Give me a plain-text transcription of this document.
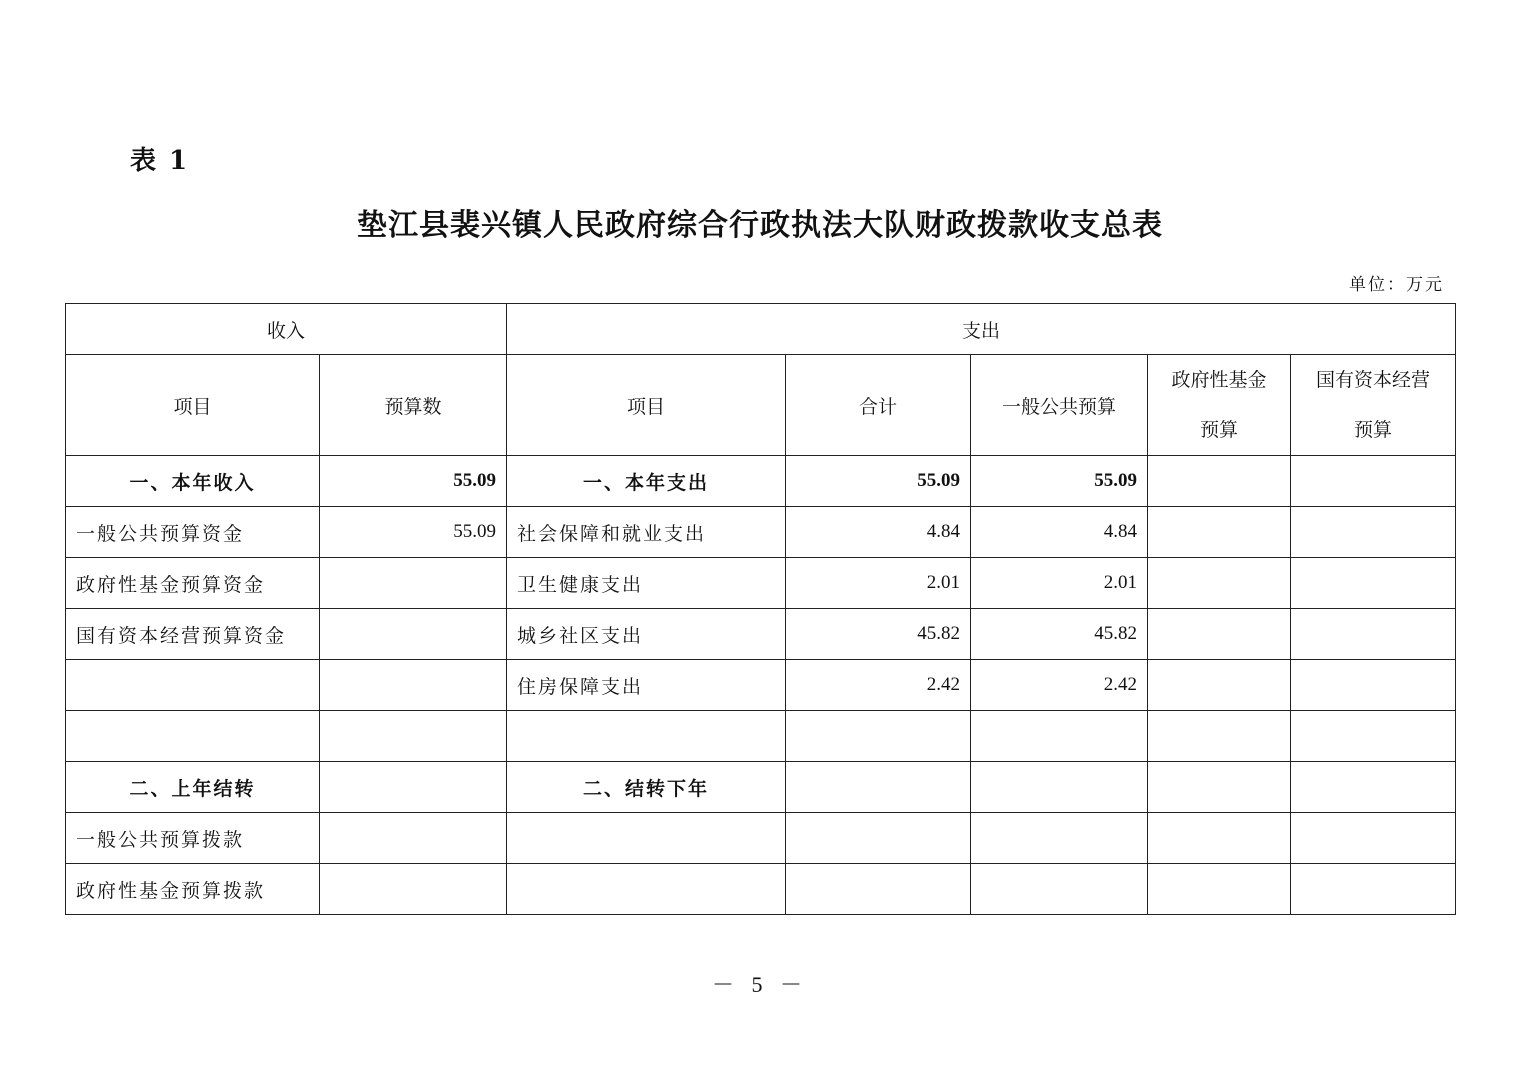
表 1
垫江县裴兴镇人民政府综合行政执法大队财政拨款收支总表
单位：万元
收入		支出				
项目	预算数	项目	合计	一般公共预算	政府性基金预算	国有资本经营预算
一、本年收入	55.09	一、本年支出	55.09	55.09		
一般公共预算资金	55.09	社会保障和就业支出	4.84	4.84		
政府性基金预算资金		卫生健康支出	2.01	2.01		
国有资本经营预算资金		城乡社区支出	45.82	45.82		
		住房保障支出	2.42	2.42		

二、上年结转		二、结转下年				
一般公共预算拨款						
政府性基金预算拨款						
－ 5 －
